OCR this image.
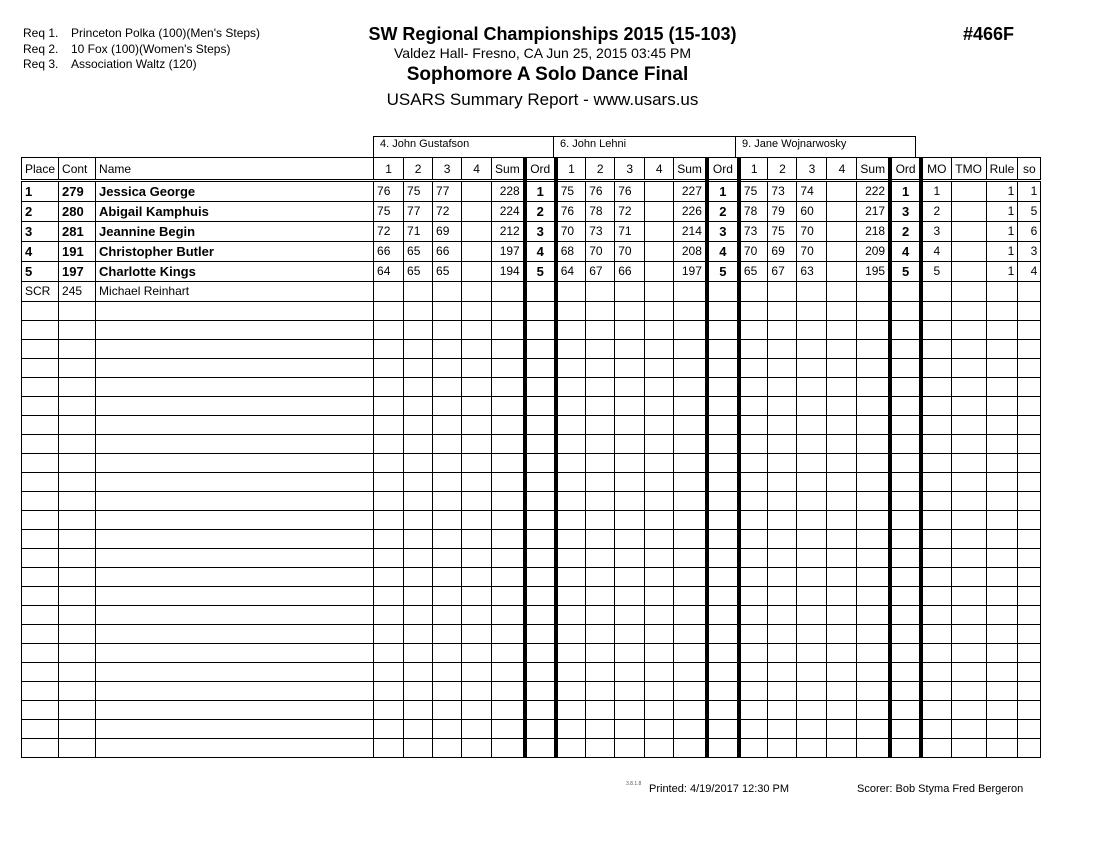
Req 1. Princeton Polka (100)(Men's Steps)
Req 2. 10 Fox (100)(Women's Steps)
Req 3. Association Waltz (120)
SW Regional Championships 2015 (15-103)
Valdez Hall- Fresno, CA Jun 25, 2015 03:45 PM
Sophomore A Solo Dance Final
USARS Summary Report - www.usars.us
#466F
4. John Gustafson	6. John Lehni	9. Jane Wojnarwosky
Place	Cont	Name	1	2	3	4	Sum	Ord	1	2	3	4	Sum	Ord	1	2	3	4	Sum	Ord	MO	TMO	Rule	so
1	279	Jessica George	76	75	77		228	1	75	76	76		227	1	75	73	74		222	1	1		1	1
2	280	Abigail Kamphuis	75	77	72		224	2	76	78	72		226	2	78	79	60		217	3	2		1	5
3	281	Jeannine Begin	72	71	69		212	3	70	73	71		214	3	73	75	70		218	2	3		1	6
4	191	Christopher Butler	66	65	66		197	4	68	70	70		208	4	70	69	70		209	4	4		1	3
5	197	Charlotte Kings	64	65	65		194	5	64	67	66		197	5	65	67	63		195	5	5		1	4
SCR	245	Michael Reinhart																						

3.8.1.8 Printed: 4/19/2017 12:30 PM	Scorer: Bob Styma Fred Bergeron
